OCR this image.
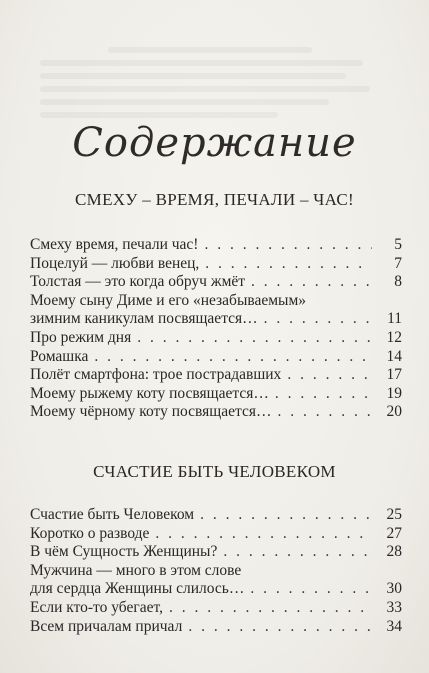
Содержание
СМЕХУ – ВРЕМЯ, ПЕЧАЛИ – ЧАС!
Смеху время, печали час! . . .	5
Поцелуй — любви венец, . . .	7
Толстая — это когда обруч жмёт . . .	8
Моему сыну Диме и его «незабываемым»
зимним каникулам посвящается… . . .	11
Про режим дня . . .	12
Ромашка . . .	14
Полёт смартфона: трое пострадавших . . .	17
Моему рыжему коту посвящается… . . .	19
Моему чёрному коту посвящается… . . .	20
СЧАСТИЕ БЫТЬ ЧЕЛОВЕКОМ
Счастие быть Человеком . . .	25
Коротко о разводе . . .	27
В чём Сущность Женщины? . . .	28
Мужчина — много в этом слове
для сердца Женщины слилось… . . .	30
Если кто-то убегает, . . .	33
Всем причалам причал . . .	34
